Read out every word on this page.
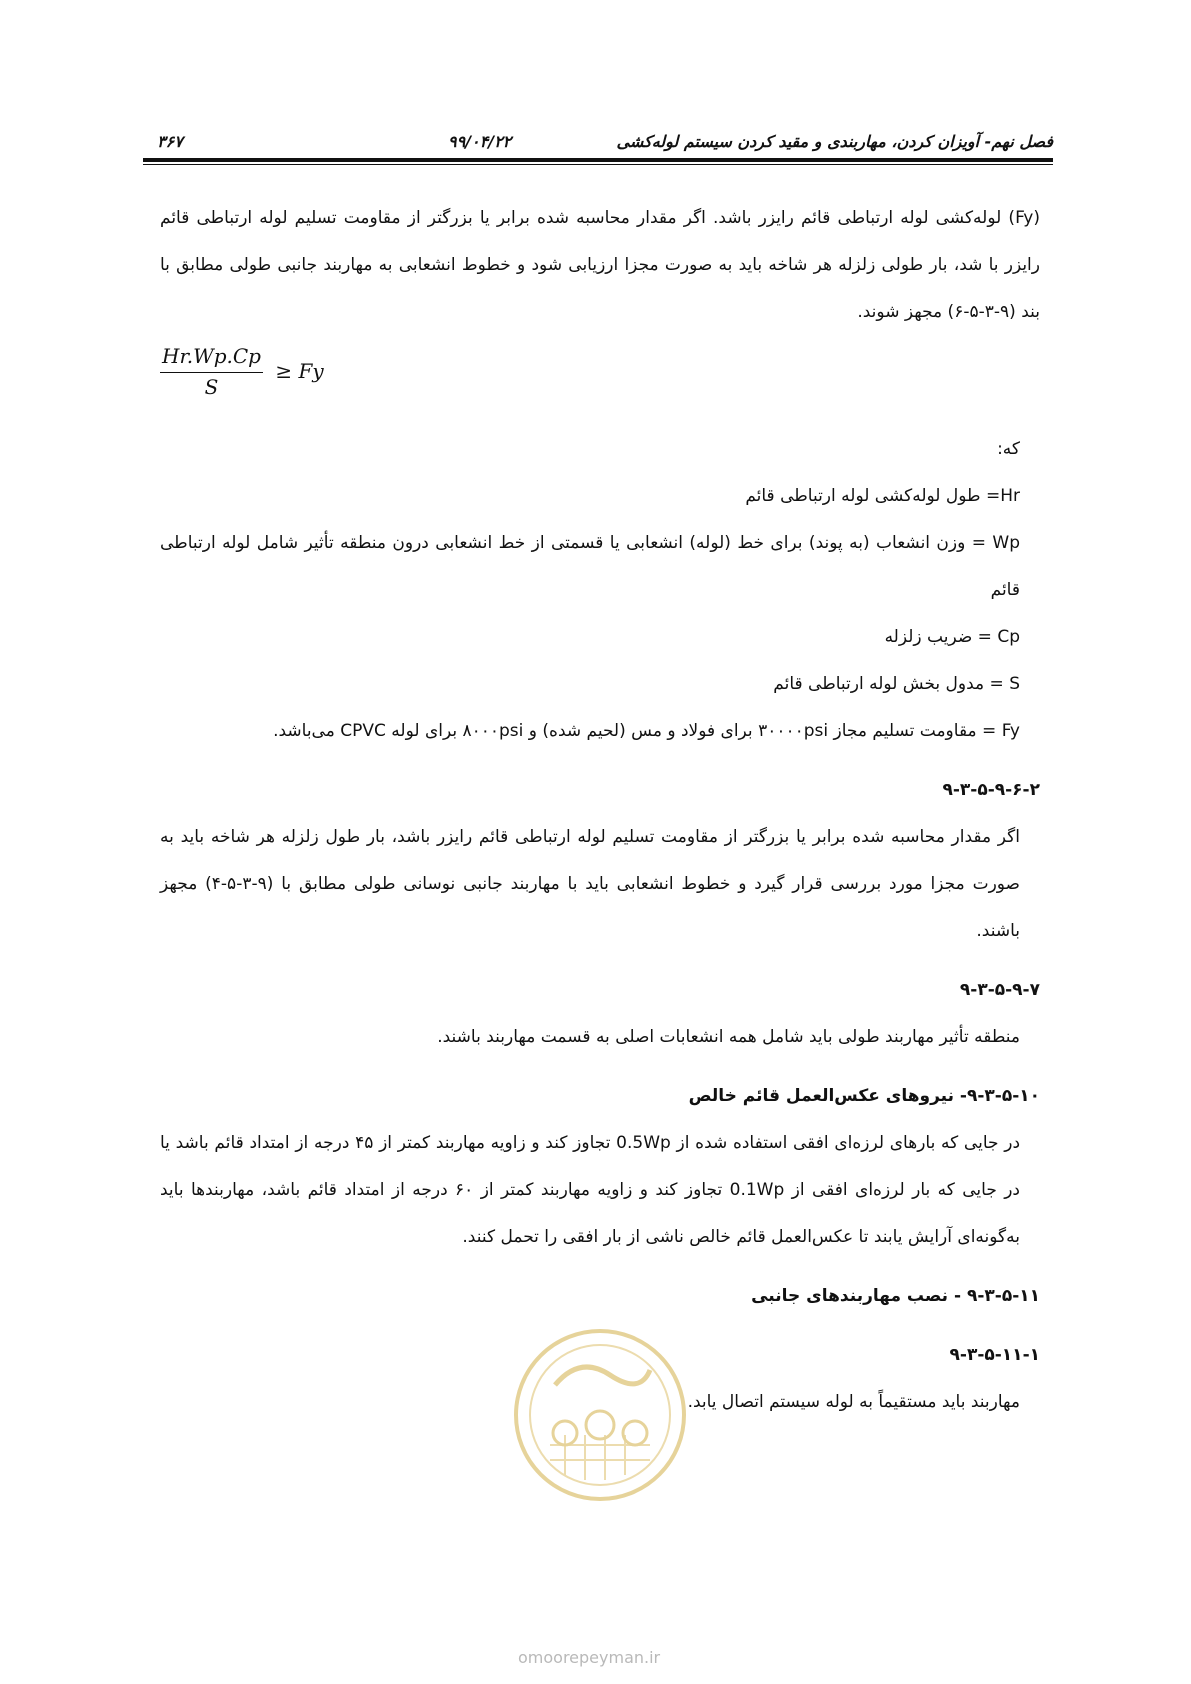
۳۶۷	۹۹/۰۴/۲۲	فصل نهم- آویزان کردن، مهاربندی و مقید کردن سیستم لوله‌کشی

(Fy) لوله‌کشی لوله ارتباطی قائم رایزر باشد. اگر مقدار محاسبه شده برابر یا بزرگتر از مقاومت تسلیم لوله ارتباطی قائم رایزر با شد، بار طولی زلزله هر شاخه باید به صورت مجزا ارزیابی شود و خطوط انشعابی به مهاربند جانبی طولی مطابق با بند (۹-۳-۵-۶) مجهز شوند.

$\frac{Hr.Wp.Cp}{S} \ge Fy$

که:

Hr= طول لوله‌کشی لوله ارتباطی قائم

Wp = وزن انشعاب (به پوند) برای خط (لوله) انشعابی یا قسمتی از خط انشعابی درون منطقه تأثیر شامل لوله ارتباطی قائم

Cp = ضریب زلزله

S = مدول بخش لوله ارتباطی قائم

Fy = مقاومت تسلیم مجاز ۳۰۰۰۰psi برای فولاد و مس (لحیم شده) و ۸۰۰۰psi برای لوله CPVC می‌باشد.

۹-۳-۵-۹-۶-۲

اگر مقدار محاسبه شده برابر یا بزرگتر از مقاومت تسلیم لوله ارتباطی قائم رایزر باشد، بار طول زلزله هر شاخه باید به صورت مجزا مورد بررسی قرار گیرد و خطوط انشعابی باید با مهاربند جانبی نوسانی طولی مطابق با (۹-۳-۵-۴) مجهز باشند.

۹-۳-۵-۹-۷

منطقه تأثیر مهاربند طولی باید شامل همه انشعابات اصلی به قسمت مهاربند باشند.

۹-۳-۵-۱۰- نیروهای عکس‌العمل قائم خالص

در جایی که بارهای لرزه‌ای افقی استفاده شده از 0.5Wp تجاوز کند و زاویه مهاربند کمتر از ۴۵ درجه از امتداد قائم باشد یا در جایی که بار لرزه‌ای افقی از 0.1Wp تجاوز کند و زاویه مهاربند کمتر از ۶۰ درجه از امتداد قائم باشد، مهاربندها باید به‌گونه‌ای آرایش یابند تا عکس‌العمل قائم خالص ناشی از بار افقی را تحمل کنند.

۹-۳-۵-۱۱ - نصب مهاربندهای جانبی

۹-۳-۵-۱۱-۱

مهاربند باید مستقیماً به لوله سیستم اتصال یابد.

omoorepeyman.ir
